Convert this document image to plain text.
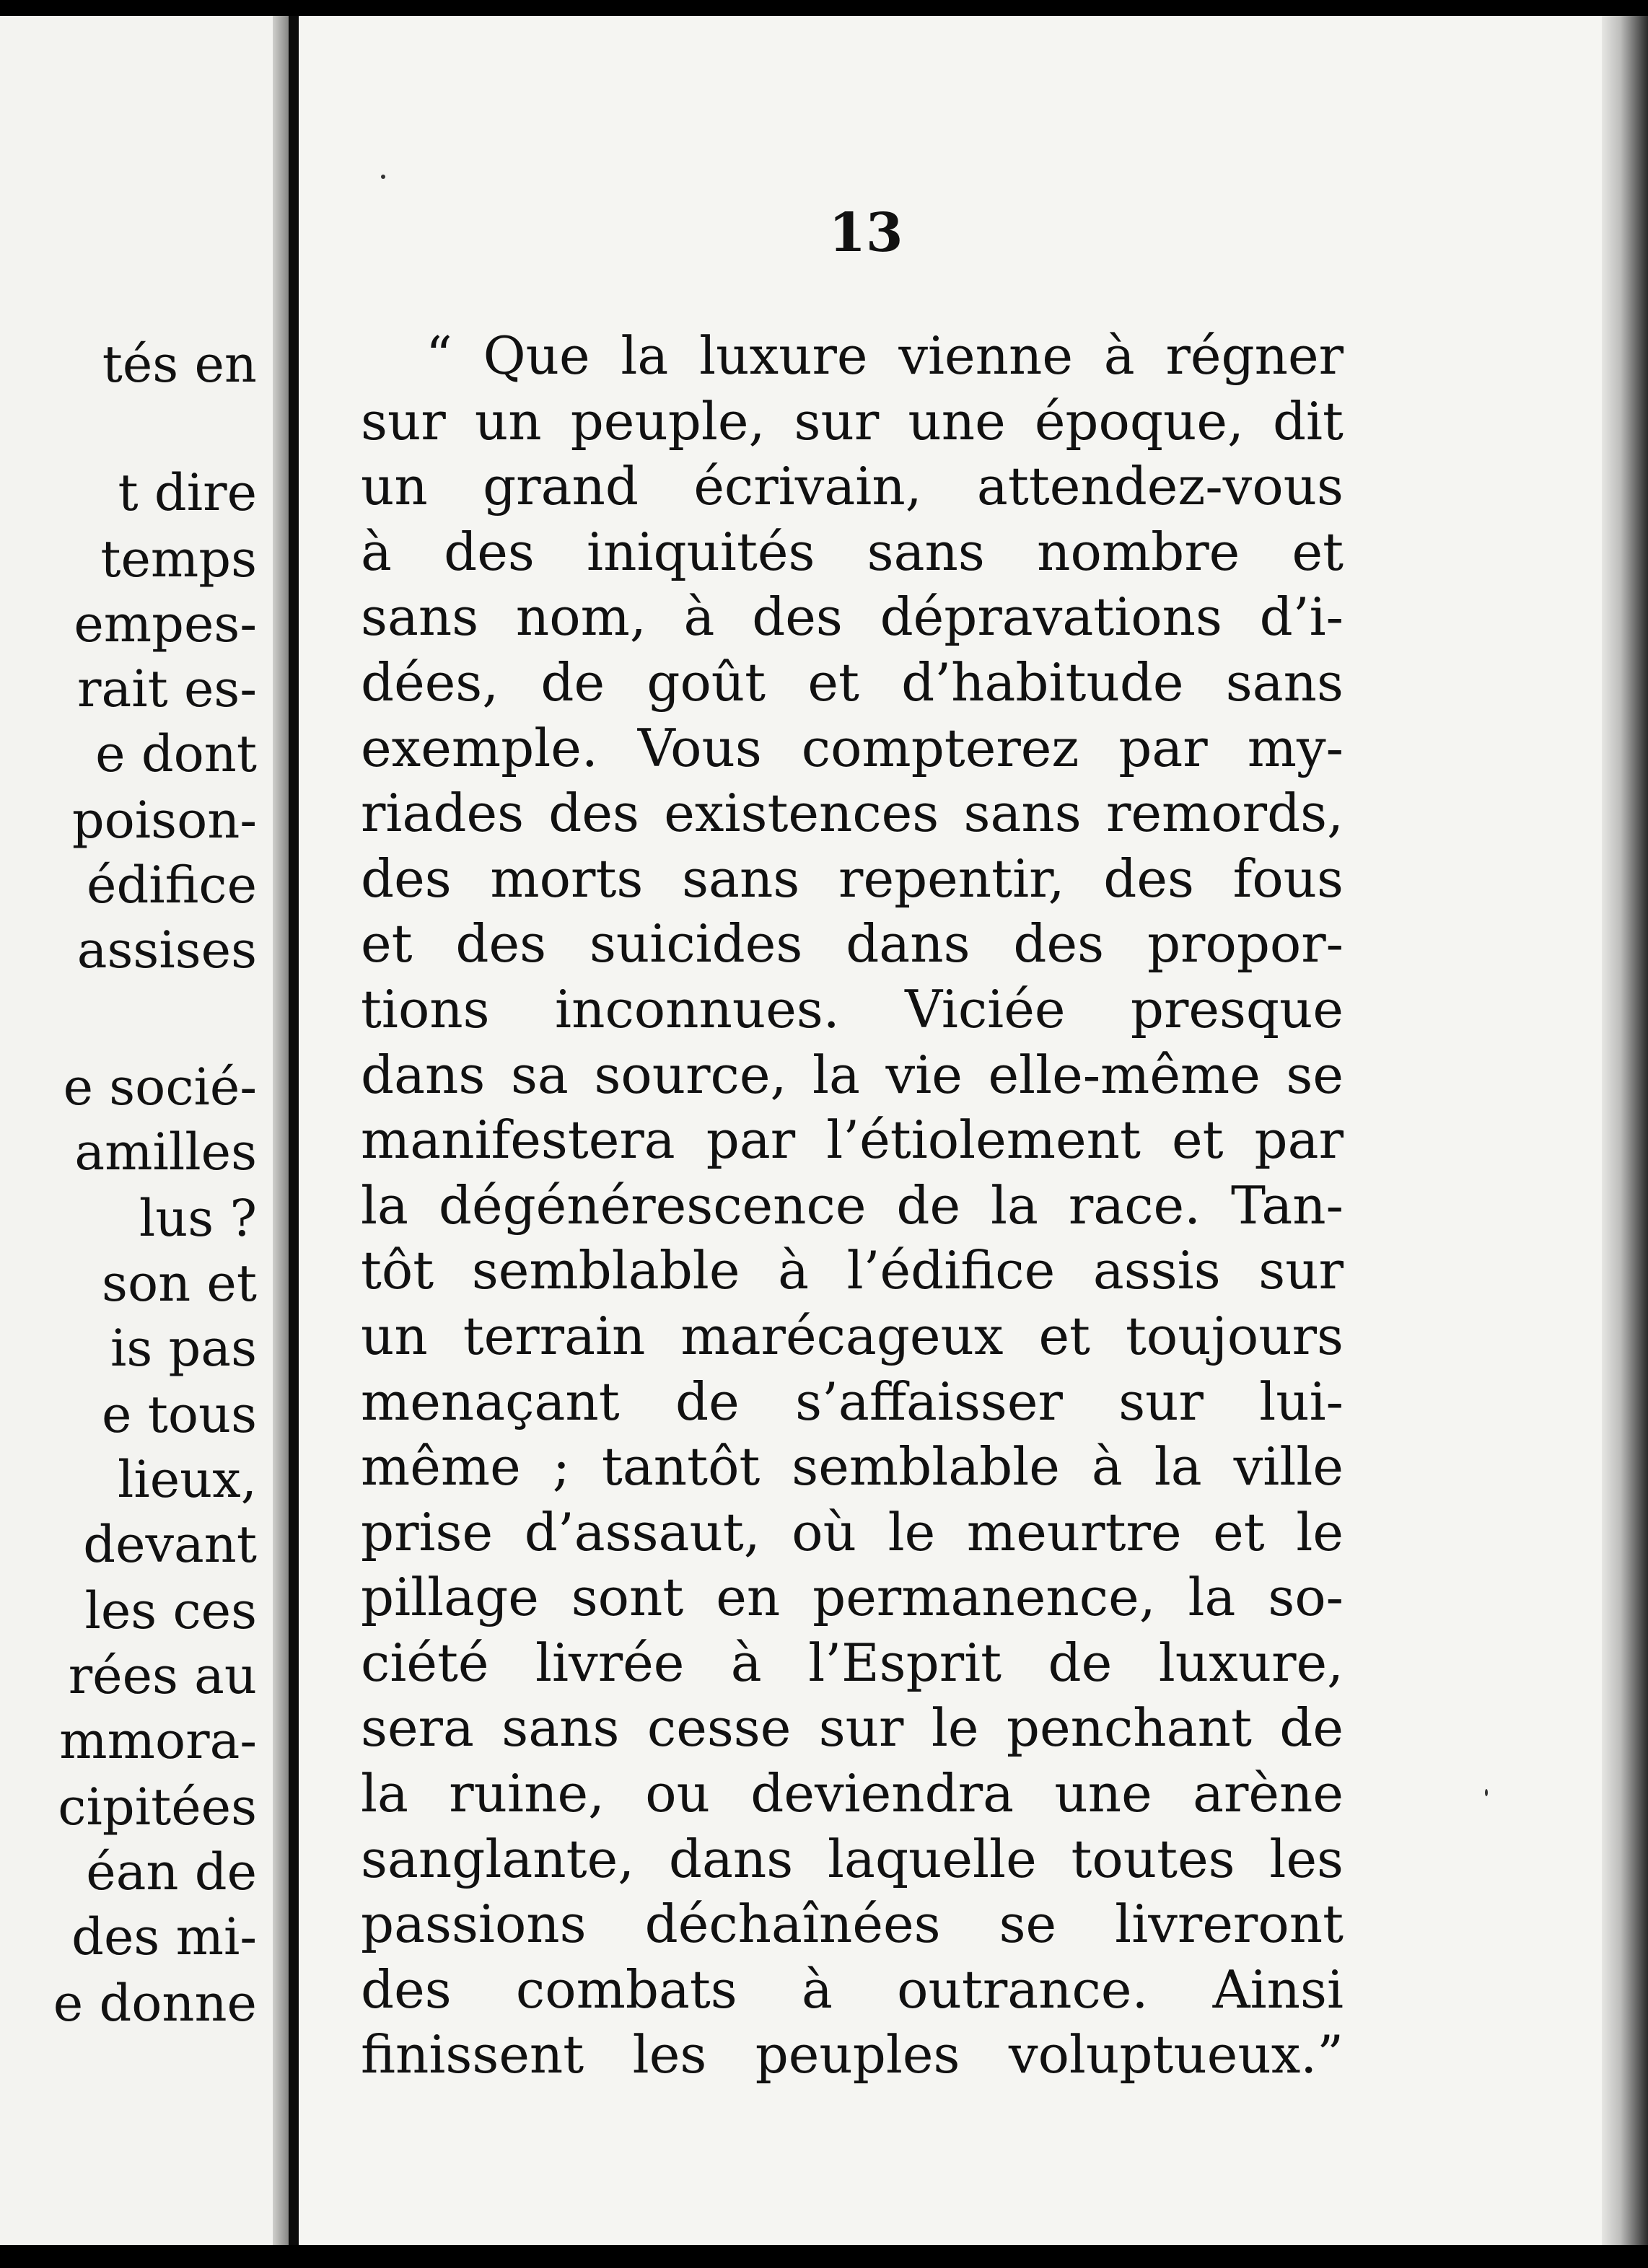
tés en
t dire
temps
empes-
rait es-
e dont
poison-
édifice
assises
e socié-
amilles
lus ?
son et
is pas
e tous
lieux,
devant
les ces
rées au
mmora-
cipitées
éan de
des mi-
e donne
13
“ Que la luxure vienne à régner
sur un peuple, sur une époque, dit
un grand écrivain, attendez-vous
à des iniquités sans nombre et
sans nom, à des dépravations d’i-
dées, de goût et d’habitude sans
exemple. Vous compterez par my-
riades des existences sans remords,
des morts sans repentir, des fous
et des suicides dans des propor-
tions inconnues. Viciée presque
dans sa source, la vie elle-même se
manifestera par l’étiolement et par
la dégénérescence de la race. Tan-
tôt semblable à l’édifice assis sur
un terrain marécageux et toujours
menaçant de s’affaisser sur lui-
même ; tantôt semblable à la ville
prise d’assaut, où le meurtre et le
pillage sont en permanence, la so-
ciété livrée à l’Esprit de luxure,
sera sans cesse sur le penchant de
la ruine, ou deviendra une arène
sanglante, dans laquelle toutes les
passions déchaînées se livreront
des combats à outrance. Ainsi
finissent les peuples voluptueux.”
